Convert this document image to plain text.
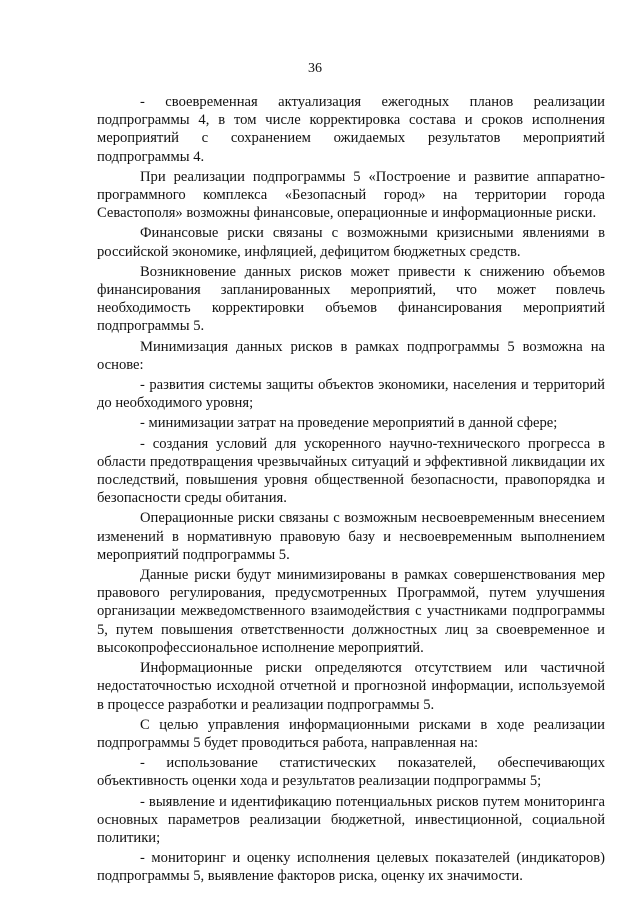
36

- своевременная актуализация ежегодных планов реализации подпрограммы 4, в том числе корректировка состава и сроков исполнения мероприятий с сохранением ожидаемых результатов мероприятий подпрограммы 4.

При реализации подпрограммы 5 «Построение и развитие аппаратно-программного комплекса «Безопасный город» на территории города Севастополя» возможны финансовые, операционные и информационные риски.

Финансовые риски связаны с возможными кризисными явлениями в российской экономике, инфляцией, дефицитом бюджетных средств.

Возникновение данных рисков может привести к снижению объемов финансирования запланированных мероприятий, что может повлечь необходимость корректировки объемов финансирования мероприятий подпрограммы 5.

Минимизация данных рисков в рамках подпрограммы 5 возможна на основе:

- развития системы защиты объектов экономики, населения и территорий до необходимого уровня;

- минимизации затрат на проведение мероприятий в данной сфере;

- создания условий для ускоренного научно-технического прогресса в области предотвращения чрезвычайных ситуаций и эффективной ликвидации их последствий, повышения уровня общественной безопасности, правопорядка и безопасности среды обитания.

Операционные риски связаны с возможным несвоевременным внесением изменений в нормативную правовую базу и несвоевременным выполнением мероприятий подпрограммы 5.

Данные риски будут минимизированы в рамках совершенствования мер правового регулирования, предусмотренных Программой, путем улучшения организации межведомственного взаимодействия с участниками подпрограммы 5, путем повышения ответственности должностных лиц за своевременное и высокопрофессиональное исполнение мероприятий.

Информационные риски определяются отсутствием или частичной недостаточностью исходной отчетной и прогнозной информации, используемой в процессе разработки и реализации подпрограммы 5.

С целью управления информационными рисками в ходе реализации подпрограммы 5 будет проводиться работа, направленная на:

- использование статистических показателей, обеспечивающих объективность оценки хода и результатов реализации подпрограммы 5;

- выявление и идентификацию потенциальных рисков путем мониторинга основных параметров реализации бюджетной, инвестиционной, социальной политики;

- мониторинг и оценку исполнения целевых показателей (индикаторов) подпрограммы 5, выявление факторов риска, оценку их значимости.
